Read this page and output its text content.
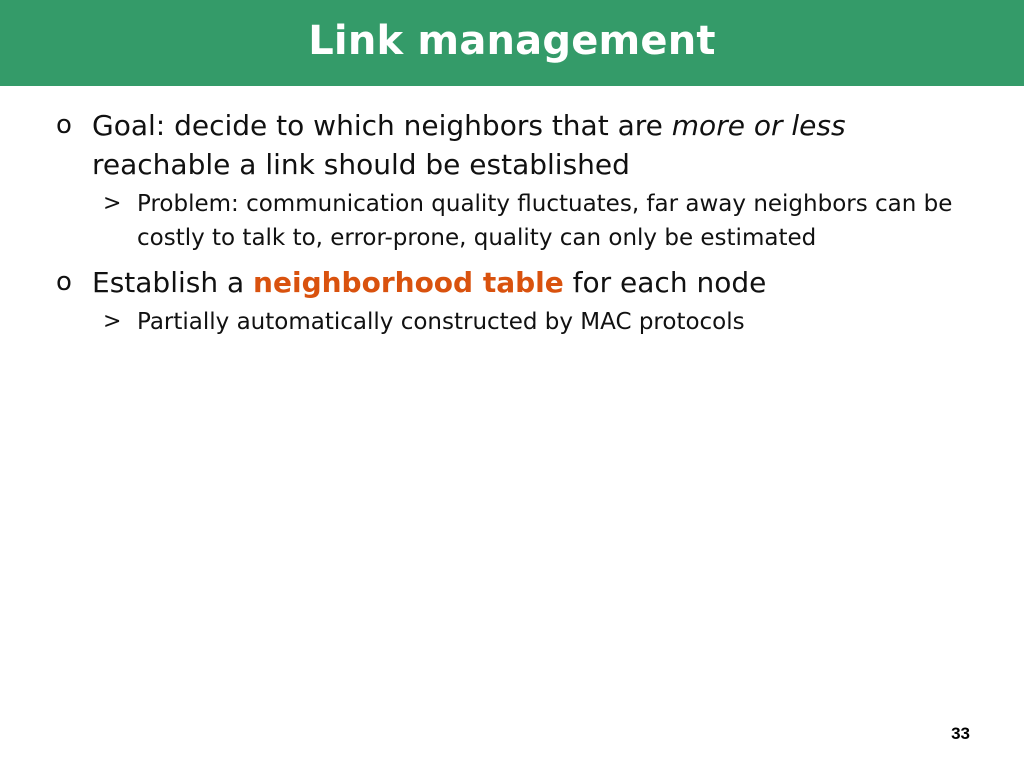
Link management
o Goal: decide to which neighbors that are more or less reachable a link should be established
> Problem: communication quality fluctuates, far away neighbors can be costly to talk to, error-prone, quality can only be estimated
o Establish a neighborhood table for each node
> Partially automatically constructed by MAC protocols
33
